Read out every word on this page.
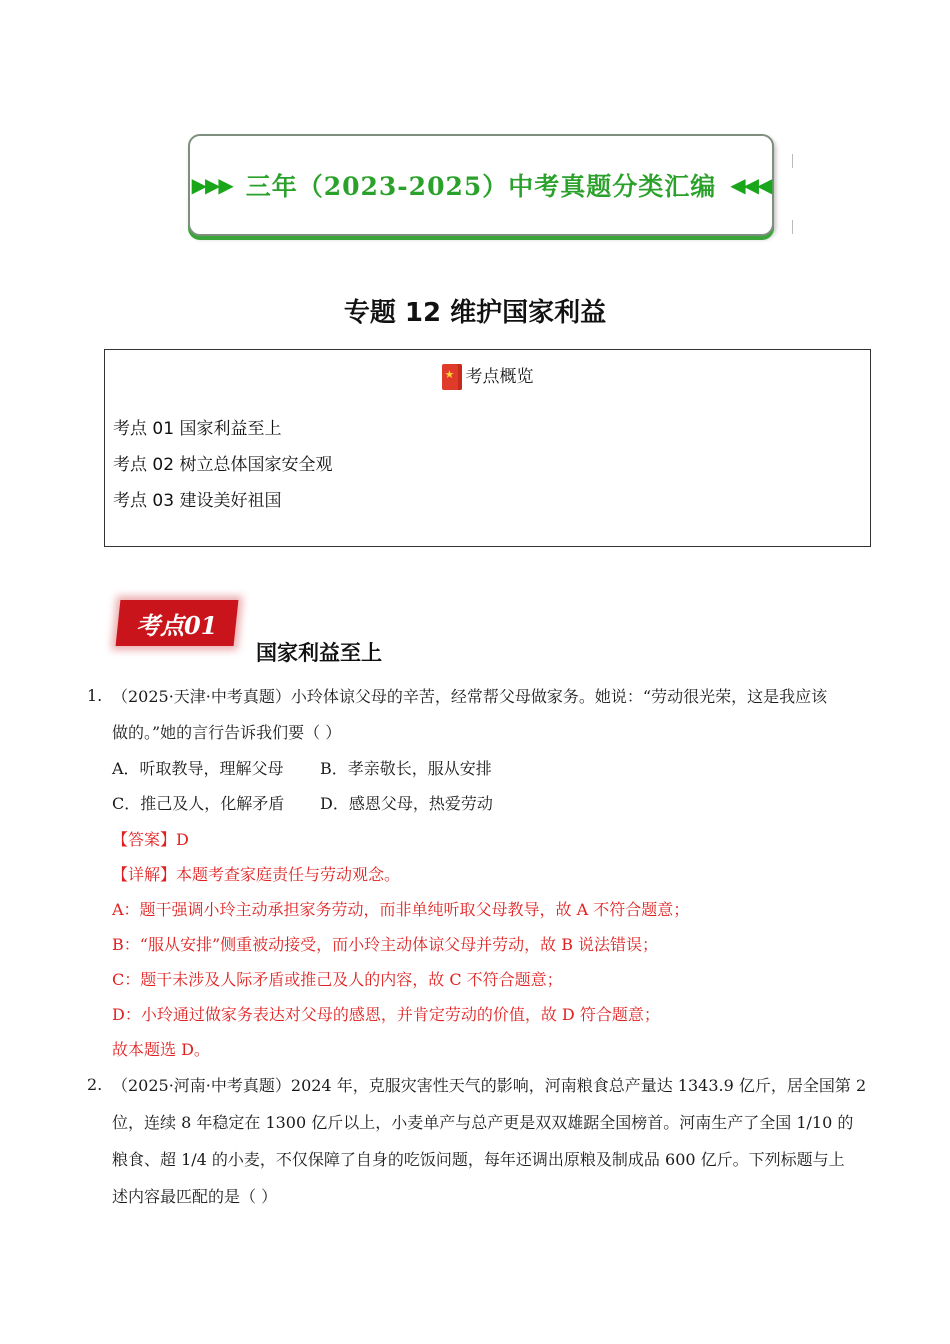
▶▶▶ 三年（2023-2025）中考真题分类汇编 ◀◀◀
专题 12 维护国家利益
★考点概览
考点 01 国家利益至上
考点 02 树立总体国家安全观
考点 03 建设美好祖国
考点01
国家利益至上
1. （2025·天津·中考真题）小玲体谅父母的辛苦，经常帮父母做家务。她说：“劳动很光荣，这是我应该
做的。”她的言行告诉我们要（ ）
A．听取教导，理解父母 B．孝亲敬长，服从安排
C．推己及人，化解矛盾 D．感恩父母，热爱劳动
【答案】D
【详解】本题考查家庭责任与劳动观念。
A：题干强调小玲主动承担家务劳动，而非单纯听取父母教导，故 A 不符合题意；
B：“服从安排”侧重被动接受，而小玲主动体谅父母并劳动，故 B 说法错误；
C：题干未涉及人际矛盾或推己及人的内容，故 C 不符合题意；
D：小玲通过做家务表达对父母的感恩，并肯定劳动的价值，故 D 符合题意；
故本题选 D。
2. （2025·河南·中考真题）2024 年，克服灾害性天气的影响，河南粮食总产量达 1343.9 亿斤，居全国第 2
位，连续 8 年稳定在 1300 亿斤以上，小麦单产与总产更是双双雄踞全国榜首。河南生产了全国 1/10 的
粮食、超 1/4 的小麦，不仅保障了自身的吃饭问题，每年还调出原粮及制成品 600 亿斤。下列标题与上
述内容最匹配的是（ ）
